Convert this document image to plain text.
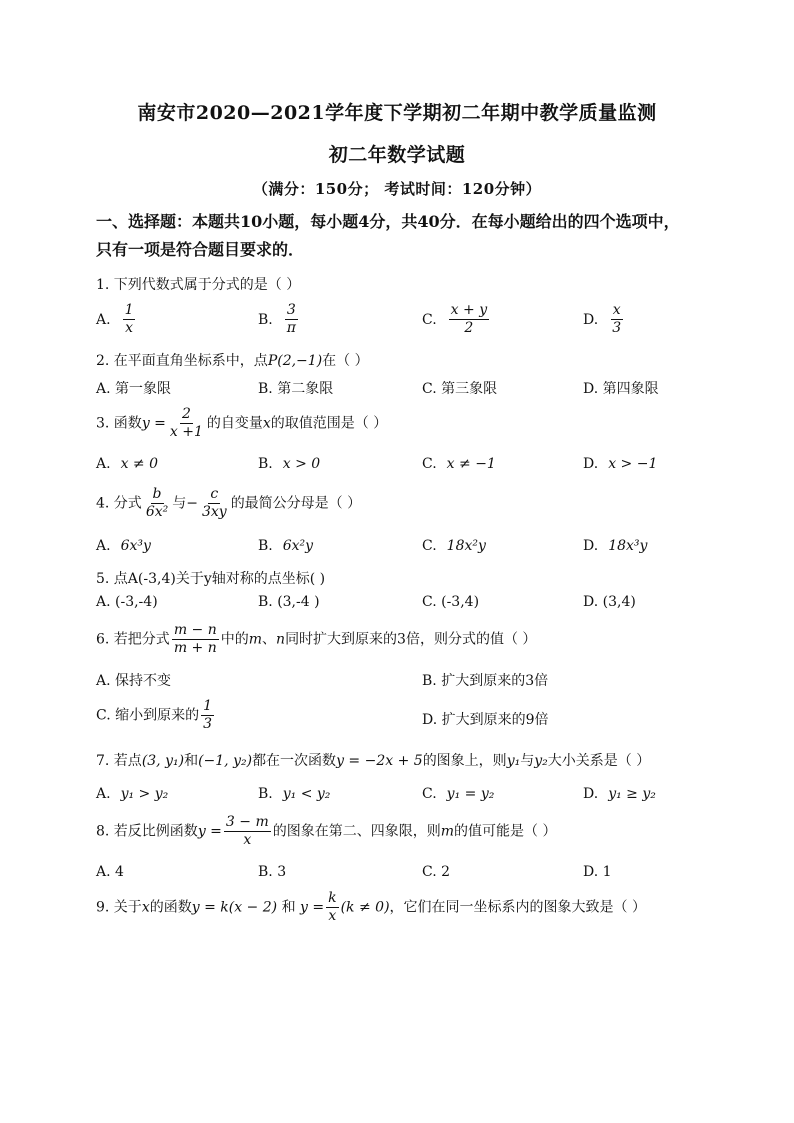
南安市2020—2021学年度下学期初二年期中教学质量监测
初二年数学试题
（满分：150分； 考试时间：120分钟）
一、选择题：本题共10小题，每小题4分，共40分．在每小题给出的四个选项中，
只有一项是符合题目要求的．
1. 下列代数式属于分式的是（ ）
A. $\frac{1}{x}$	B. $\frac{3}{\pi}$	C. $\frac{x + y}{2}$	D. $\frac{x}{3}$
2. 在平面直角坐标系中，点P(2,−1)在（ ）
A. 第一象限	B. 第二象限	C. 第三象限	D. 第四象限
3. 函数$y = \frac{2}{x +1}$ 的自变量x的取值范围是（ ）
A. x ≠ 0	B. x > 0	C. x ≠ −1	D. x > −1
4. 分式 $\frac{b}{\text{6x²}}$ 与− $\frac{c}{3xy}$ 的最简公分母是（ ）
A. 6x³y	B. 6x²y	C. 18x²y	D. 18x³y
5. 点A(-3,4)关于y轴对称的点坐标( )
A. (-3,-4)	B. (3,-4 )	C. (-3,4)	D. (3,4)
6. 若把分式 $\frac{m - n}{m + n}$ 中的m、n同时扩大到原来的3倍，则分式的值（ ）
A. 保持不变	B. 扩大到原来的3倍
C. 缩小到原来的 $\frac{1}{3}$	D. 扩大到原来的9倍
7. 若点(3, y₁)和(−1, y₂)都在一次函数y = −2x + 5的图象上，则y₁与y₂大小关系是（ ）
A. y₁ > y₂	B. y₁ < y₂	C. y₁ = y₂	D. y₁ ≥ y₂
8. 若反比例函数$y = \frac{3 - m}{x}$ 的图象在第二、四象限，则m的值可能是（ ）
A. 4	B. 3	C. 2	D. 1
9. 关于x的函数y = k(x − 2) 和 $y = \frac{k}{x} (k \ne 0)$，它们在同一坐标系内的图象大致是（ ）
